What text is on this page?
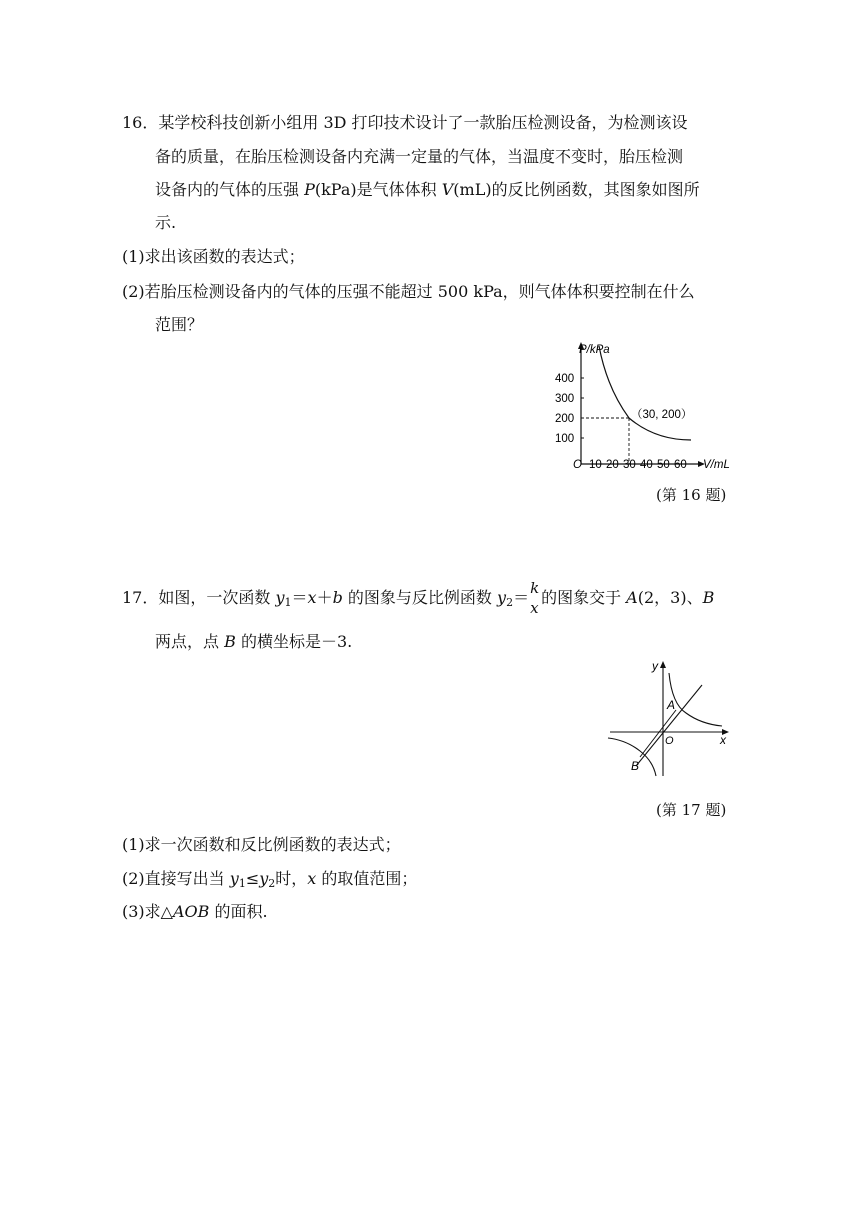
16．某学校科技创新小组用 3D 打印技术设计了一款胎压检测设备，为检测该设
备的质量，在胎压检测设备内充满一定量的气体，当温度不变时，胎压检测
设备内的气体的压强 P(kPa)是气体体积 V(mL)的反比例函数，其图象如图所
示.
(1)求出该函数的表达式；
(2)若胎压检测设备内的气体的压强不能超过 500 kPa，则气体体积要控制在什么
范围？
P/kPa
V/mL
O
400
300
200
100
10 20 30 40 50 60
（30, 200）
(第 16 题)
17．如图，一次函数 $y_1=x+b$ 的图象与反比例函数 $y_2= k$
x
的图象交于 A(2，3)、B
两点，点 B 的横坐标是－3.
y
x
O
A
B
(第 17 题)
(1)求一次函数和反比例函数的表达式；
(2)直接写出当 $y_1\le y_2$时，x 的取值范围；
(3)求△AOB 的面积.
